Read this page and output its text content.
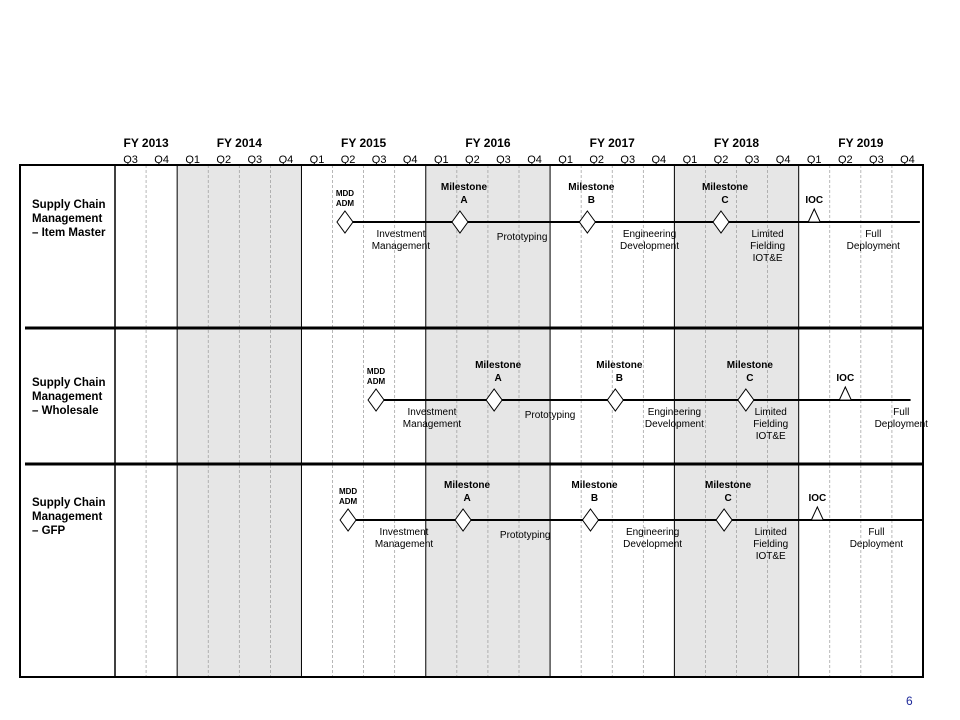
FY 2013
Q3 Q4
FY 2014
Q1 Q2 Q3 Q4
FY 2015
Q1 Q2 Q3 Q4
FY 2016
Q1 Q2 Q3 Q4
FY 2017
Q1 Q2 Q3 Q4
FY 2018
Q1 Q2 Q3 Q4
FY 2019
Q1 Q2 Q3 Q4
Supply Chain Management – Item Master
MDD ADM
Milestone A
Milestone B
Milestone C	IOC
Investment Management
Prototyping	Engineering Development
Limited Fielding IOT&E
Full Deployment
Supply Chain Management – Wholesale
MDD ADM
Milestone A
Milestone B
Milestone C	IOC
Investment Management
Prototyping	Engineering Development
Limited Fielding IOT&E
Full Deployment
Supply Chain Management – GFP
MDD ADM
Milestone A
Milestone B
Milestone C	IOC
Investment Management
Prototyping	Engineering Development
Limited Fielding IOT&E
Full Deployment
6
